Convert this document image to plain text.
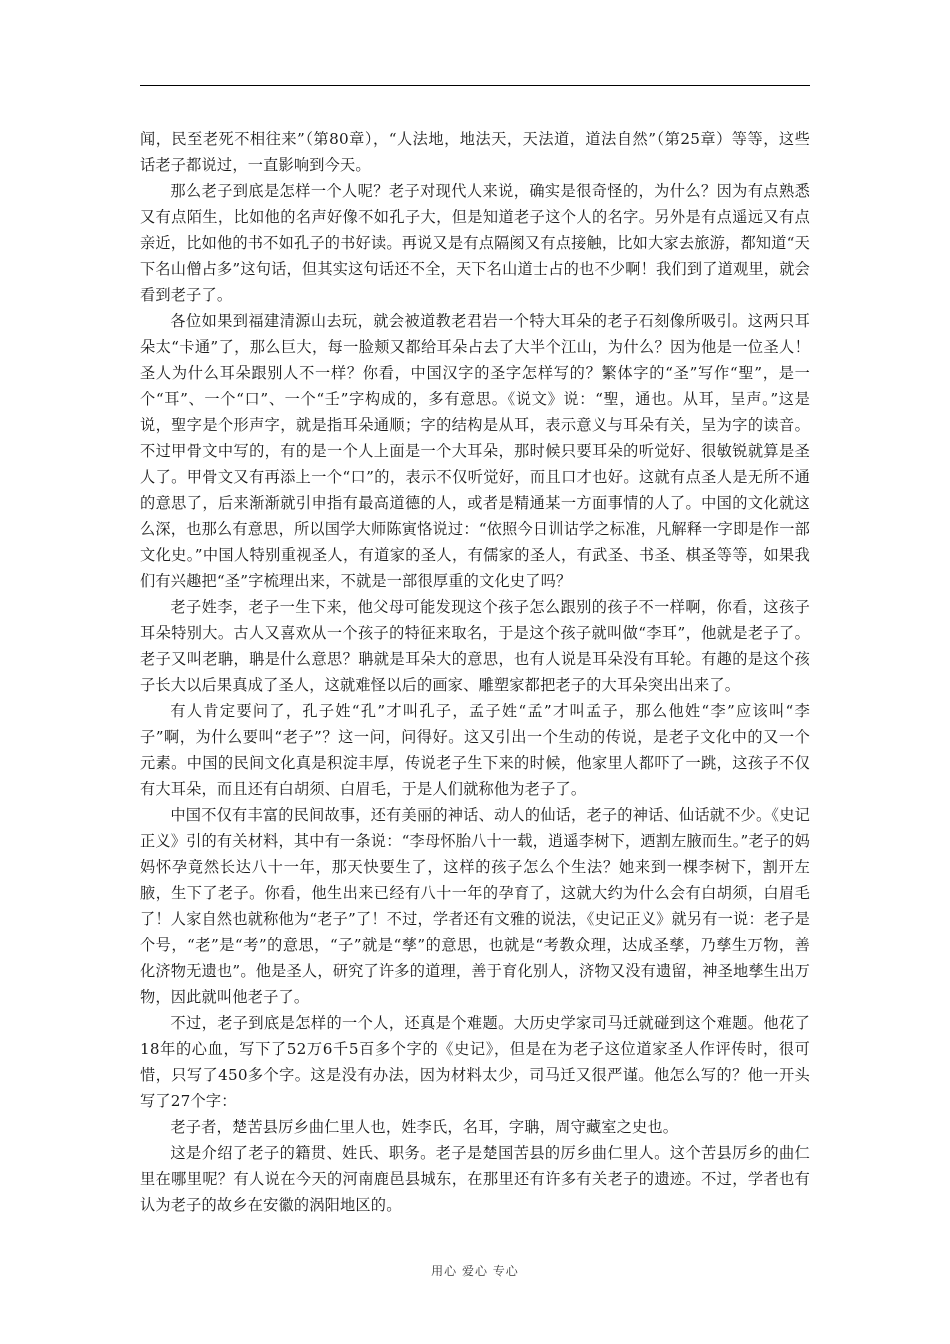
闻，民至老死不相往来”（第80章），“人法地，地法天，天法道，道法自然”（第25章）等等，这些话老子都说过，一直影响到今天。

那么老子到底是怎样一个人呢？老子对现代人来说，确实是很奇怪的，为什么？因为有点熟悉又有点陌生，比如他的名声好像不如孔子大，但是知道老子这个人的名字。另外是有点遥远又有点亲近，比如他的书不如孔子的书好读。再说又是有点隔阂又有点接触，比如大家去旅游，都知道“天下名山僧占多”这句话，但其实这句话还不全，天下名山道士占的也不少啊！我们到了道观里，就会看到老子了。

各位如果到福建清源山去玩，就会被道教老君岩一个特大耳朵的老子石刻像所吸引。这两只耳朵太“卡通”了，那么巨大，每一脸颊又都给耳朵占去了大半个江山，为什么？因为他是一位圣人！圣人为什么耳朵跟别人不一样？你看，中国汉字的圣字怎样写的？繁体字的“圣”写作“聖”，是一个“耳”、一个“口”、一个“壬”字构成的，多有意思。《说文》说：“聖，通也。从耳，呈声。”这是说，聖字是个形声字，就是指耳朵通顺；字的结构是从耳，表示意义与耳朵有关，呈为字的读音。不过甲骨文中写的，有的是一个人上面是一个大耳朵，那时候只要耳朵的听觉好、很敏锐就算是圣人了。甲骨文又有再添上一个“口”的，表示不仅听觉好，而且口才也好。这就有点圣人是无所不通的意思了，后来渐渐就引申指有最高道德的人，或者是精通某一方面事情的人了。中国的文化就这么深，也那么有意思，所以国学大师陈寅恪说过：“依照今日训诂学之标准，凡解释一字即是作一部文化史。”中国人特别重视圣人，有道家的圣人，有儒家的圣人，有武圣、书圣、棋圣等等，如果我们有兴趣把“圣”字梳理出来，不就是一部很厚重的文化史了吗？

老子姓李，老子一生下来，他父母可能发现这个孩子怎么跟别的孩子不一样啊，你看，这孩子耳朵特别大。古人又喜欢从一个孩子的特征来取名，于是这个孩子就叫做“李耳”，他就是老子了。老子又叫老聃，聃是什么意思？聃就是耳朵大的意思，也有人说是耳朵没有耳轮。有趣的是这个孩子长大以后果真成了圣人，这就难怪以后的画家、雕塑家都把老子的大耳朵突出出来了。

有人肯定要问了，孔子姓“孔”才叫孔子，孟子姓“孟”才叫孟子，那么他姓“李”应该叫“李子”啊，为什么要叫“老子”？这一问，问得好。这又引出一个生动的传说，是老子文化中的又一个元素。中国的民间文化真是积淀丰厚，传说老子生下来的时候，他家里人都吓了一跳，这孩子不仅有大耳朵，而且还有白胡须、白眉毛，于是人们就称他为老子了。

中国不仅有丰富的民间故事，还有美丽的神话、动人的仙话，老子的神话、仙话就不少。《史记正义》引的有关材料，其中有一条说：“李母怀胎八十一载，逍遥李树下，迺割左腋而生。”老子的妈妈怀孕竟然长达八十一年，那天快要生了，这样的孩子怎么个生法？她来到一棵李树下，割开左腋，生下了老子。你看，他生出来已经有八十一年的孕育了，这就大约为什么会有白胡须，白眉毛了！人家自然也就称他为“老子”了！不过，学者还有文雅的说法，《史记正义》就另有一说：老子是个号，“老”是“考”的意思，“子”就是“孳”的意思，也就是“考教众理，达成圣孳，乃孳生万物，善化济物无遗也”。他是圣人，研究了许多的道理，善于育化别人，济物又没有遗留，神圣地孳生出万物，因此就叫他老子了。

不过，老子到底是怎样的一个人，还真是个难题。大历史学家司马迁就碰到这个难题。他花了18年的心血，写下了52万6千5百多个字的《史记》，但是在为老子这位道家圣人作评传时，很可惜，只写了450多个字。这是没有办法，因为材料太少，司马迁又很严谨。他怎么写的？他一开头写了27个字：

老子者，楚苦县厉乡曲仁里人也，姓李氏，名耳，字聃，周守藏室之史也。

这是介绍了老子的籍贯、姓氏、职务。老子是楚国苦县的厉乡曲仁里人。这个苦县厉乡的曲仁里在哪里呢？有人说在今天的河南鹿邑县城东，在那里还有许多有关老子的遗迹。不过，学者也有认为老子的故乡在安徽的涡阳地区的。

用心 爱心 专心
